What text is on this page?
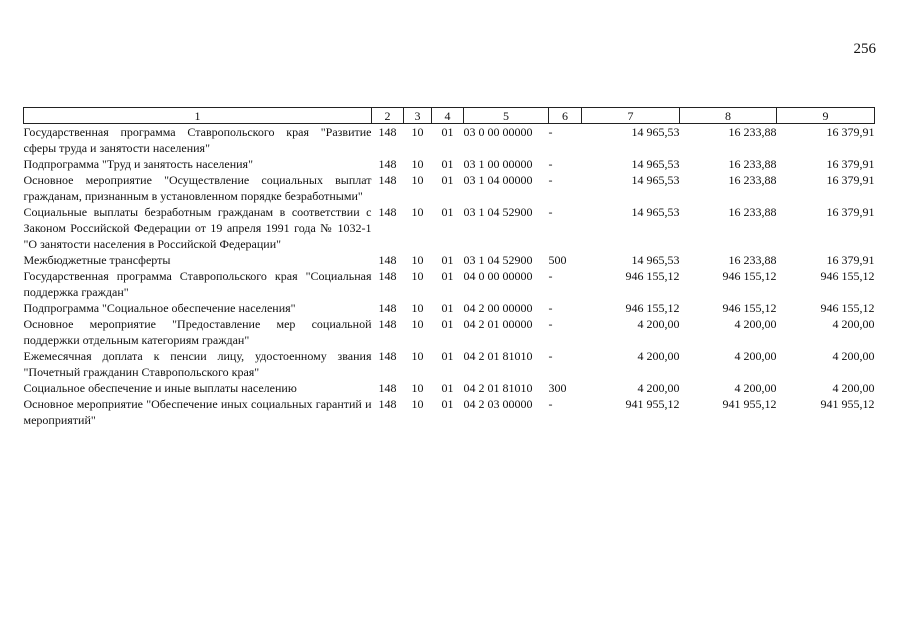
256
1	2	3	4	5	6	7	8	9
Государственная программа Ставропольского края "Развитие сферы труда и занятости населения"	148	10	01	03 0 00 00000	-	14 965,53	16 233,88	16 379,91
Подпрограмма "Труд и занятость населения"	148	10	01	03 1 00 00000	-	14 965,53	16 233,88	16 379,91
Основное мероприятие "Осуществление социальных выплат гражданам, признанным в установленном порядке безработными"	148	10	01	03 1 04 00000	-	14 965,53	16 233,88	16 379,91
Социальные выплаты безработным гражданам в соответствии с Законом Российской Федерации от 19 апреля 1991 года № 1032-1 "О занятости населения в Российской Федерации"	148	10	01	03 1 04 52900	-	14 965,53	16 233,88	16 379,91
Межбюджетные трансферты	148	10	01	03 1 04 52900	500	14 965,53	16 233,88	16 379,91
Государственная программа Ставропольского края "Социальная поддержка граждан"	148	10	01	04 0 00 00000	-	946 155,12	946 155,12	946 155,12
Подпрограмма "Социальное обеспечение населения"	148	10	01	04 2 00 00000	-	946 155,12	946 155,12	946 155,12
Основное мероприятие "Предоставление мер социальной поддержки отдельным категориям граждан"	148	10	01	04 2 01 00000	-	4 200,00	4 200,00	4 200,00
Ежемесячная доплата к пенсии лицу, удостоенному звания "Почетный гражданин Ставропольского края"	148	10	01	04 2 01 81010	-	4 200,00	4 200,00	4 200,00
Социальное обеспечение и иные выплаты населению	148	10	01	04 2 01 81010	300	4 200,00	4 200,00	4 200,00
Основное мероприятие "Обеспечение иных социальных гарантий и мероприятий"	148	10	01	04 2 03 00000	-	941 955,12	941 955,12	941 955,12
